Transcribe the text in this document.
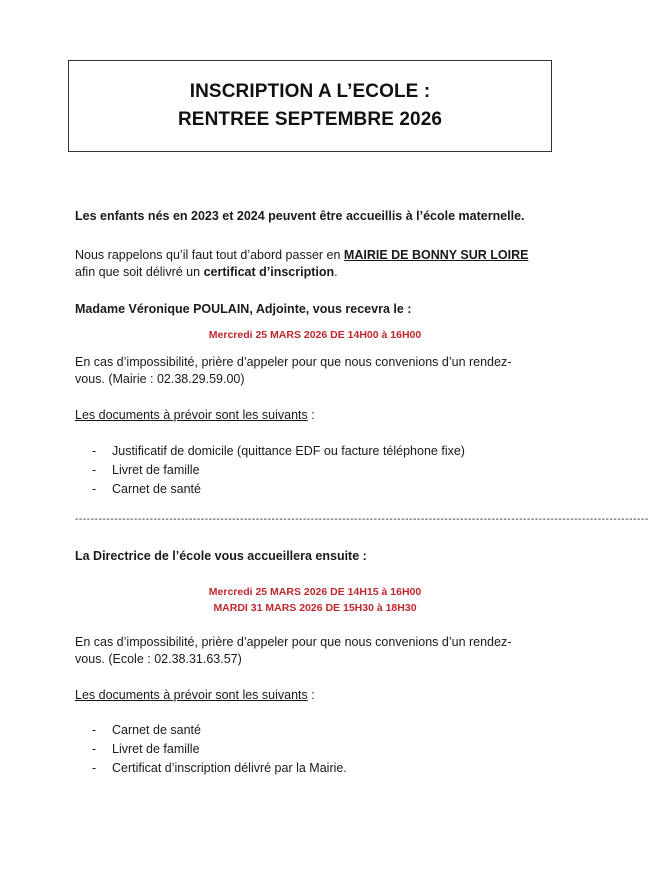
INSCRIPTION A L’ECOLE :
RENTREE SEPTEMBRE 2026
Les enfants nés en 2023 et 2024 peuvent être accueillis à l’école maternelle.
Nous rappelons qu’il faut tout d’abord passer en MAIRIE DE BONNY SUR LOIRE
afin que soit délivré un certificat d’inscription.
Madame Véronique POULAIN, Adjointe, vous recevra le :
Mercredi 25 MARS 2026 DE 14H00 à 16H00
En cas d’impossibilité, prière d’appeler pour que nous convenions d’un rendez-
vous. (Mairie : 02.38.29.59.00)
Les documents à prévoir sont les suivants :
- Justificatif de domicile (quittance EDF ou facture téléphone fixe)
- Livret de famille
- Carnet de santé
--------------------------------------------------------------------------------------------------------------------------------------------------
La Directrice de l’école vous accueillera ensuite :
Mercredi 25 MARS 2026 DE 14H15 à 16H00
MARDI 31 MARS 2026 DE 15H30 à 18H30
En cas d’impossibilité, prière d’appeler pour que nous convenions d’un rendez-
vous. (Ecole : 02.38.31.63.57)
Les documents à prévoir sont les suivants :
- Carnet de santé
- Livret de famille
- Certificat d’inscription délivré par la Mairie.
